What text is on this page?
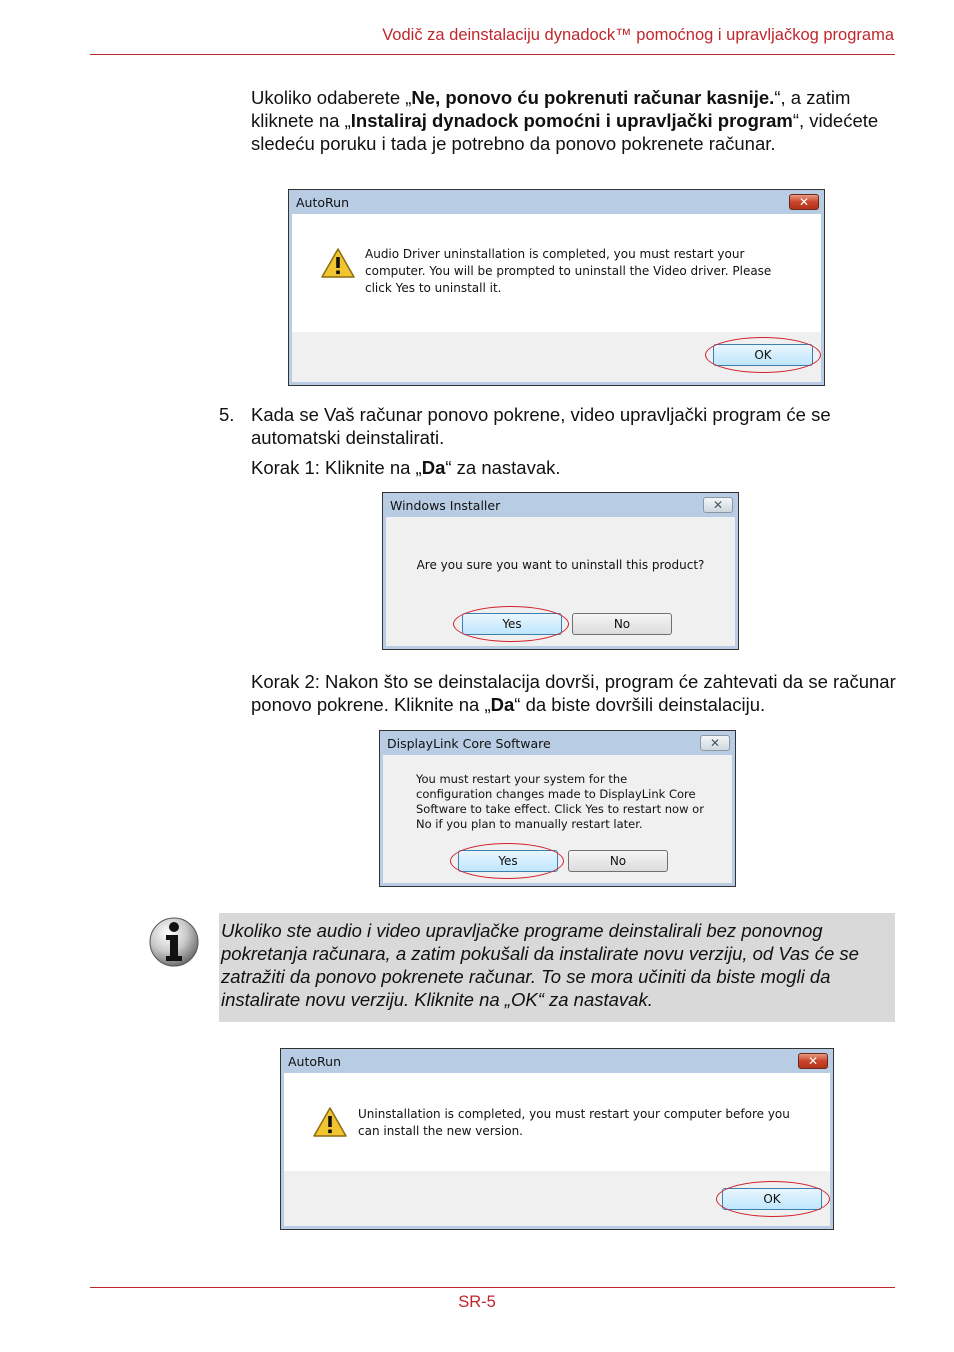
Vodič za deinstalaciju dynadock™ pomoćnog i upravljačkog programa
Ukoliko odaberete „Ne, ponovo ću pokrenuti računar kasnije.“, a zatim kliknete na „Instaliraj dynadock pomoćni i upravljački program“, videćete sledeću poruku i tada je potrebno da ponovo pokrenete računar.
AutoRun	✕
Audio Driver uninstallation is completed, you must restart your computer. You will be prompted to uninstall the Video driver. Please click Yes to uninstall it.
OK
5. Kada se Vaš računar ponovo pokrene, video upravljački program će se automatski deinstalirati.
Korak 1: Kliknite na „Da“ za nastavak.
Windows Installer	✕
Are you sure you want to uninstall this product?
Yes	No
Korak 2: Nakon što se deinstalacija dovrši, program će zahtevati da se računar ponovo pokrene. Kliknite na „Da“ da biste dovršili deinstalaciju.
DisplayLink Core Software	✕
You must restart your system for the configuration changes made to DisplayLink Core Software to take effect. Click Yes to restart now or No if you plan to manually restart later.
Yes	No
Ukoliko ste audio i video upravljačke programe deinstalirali bez ponovnog pokretanja računara, a zatim pokušali da instalirate novu verziju, od Vas će se zatražiti da ponovo pokrenete računar. To se mora učiniti da biste mogli da instalirate novu verziju. Kliknite na „OK“ za nastavak.
AutoRun	✕
Uninstallation is completed, you must restart your computer before you can install the new version.
OK
SR-5
